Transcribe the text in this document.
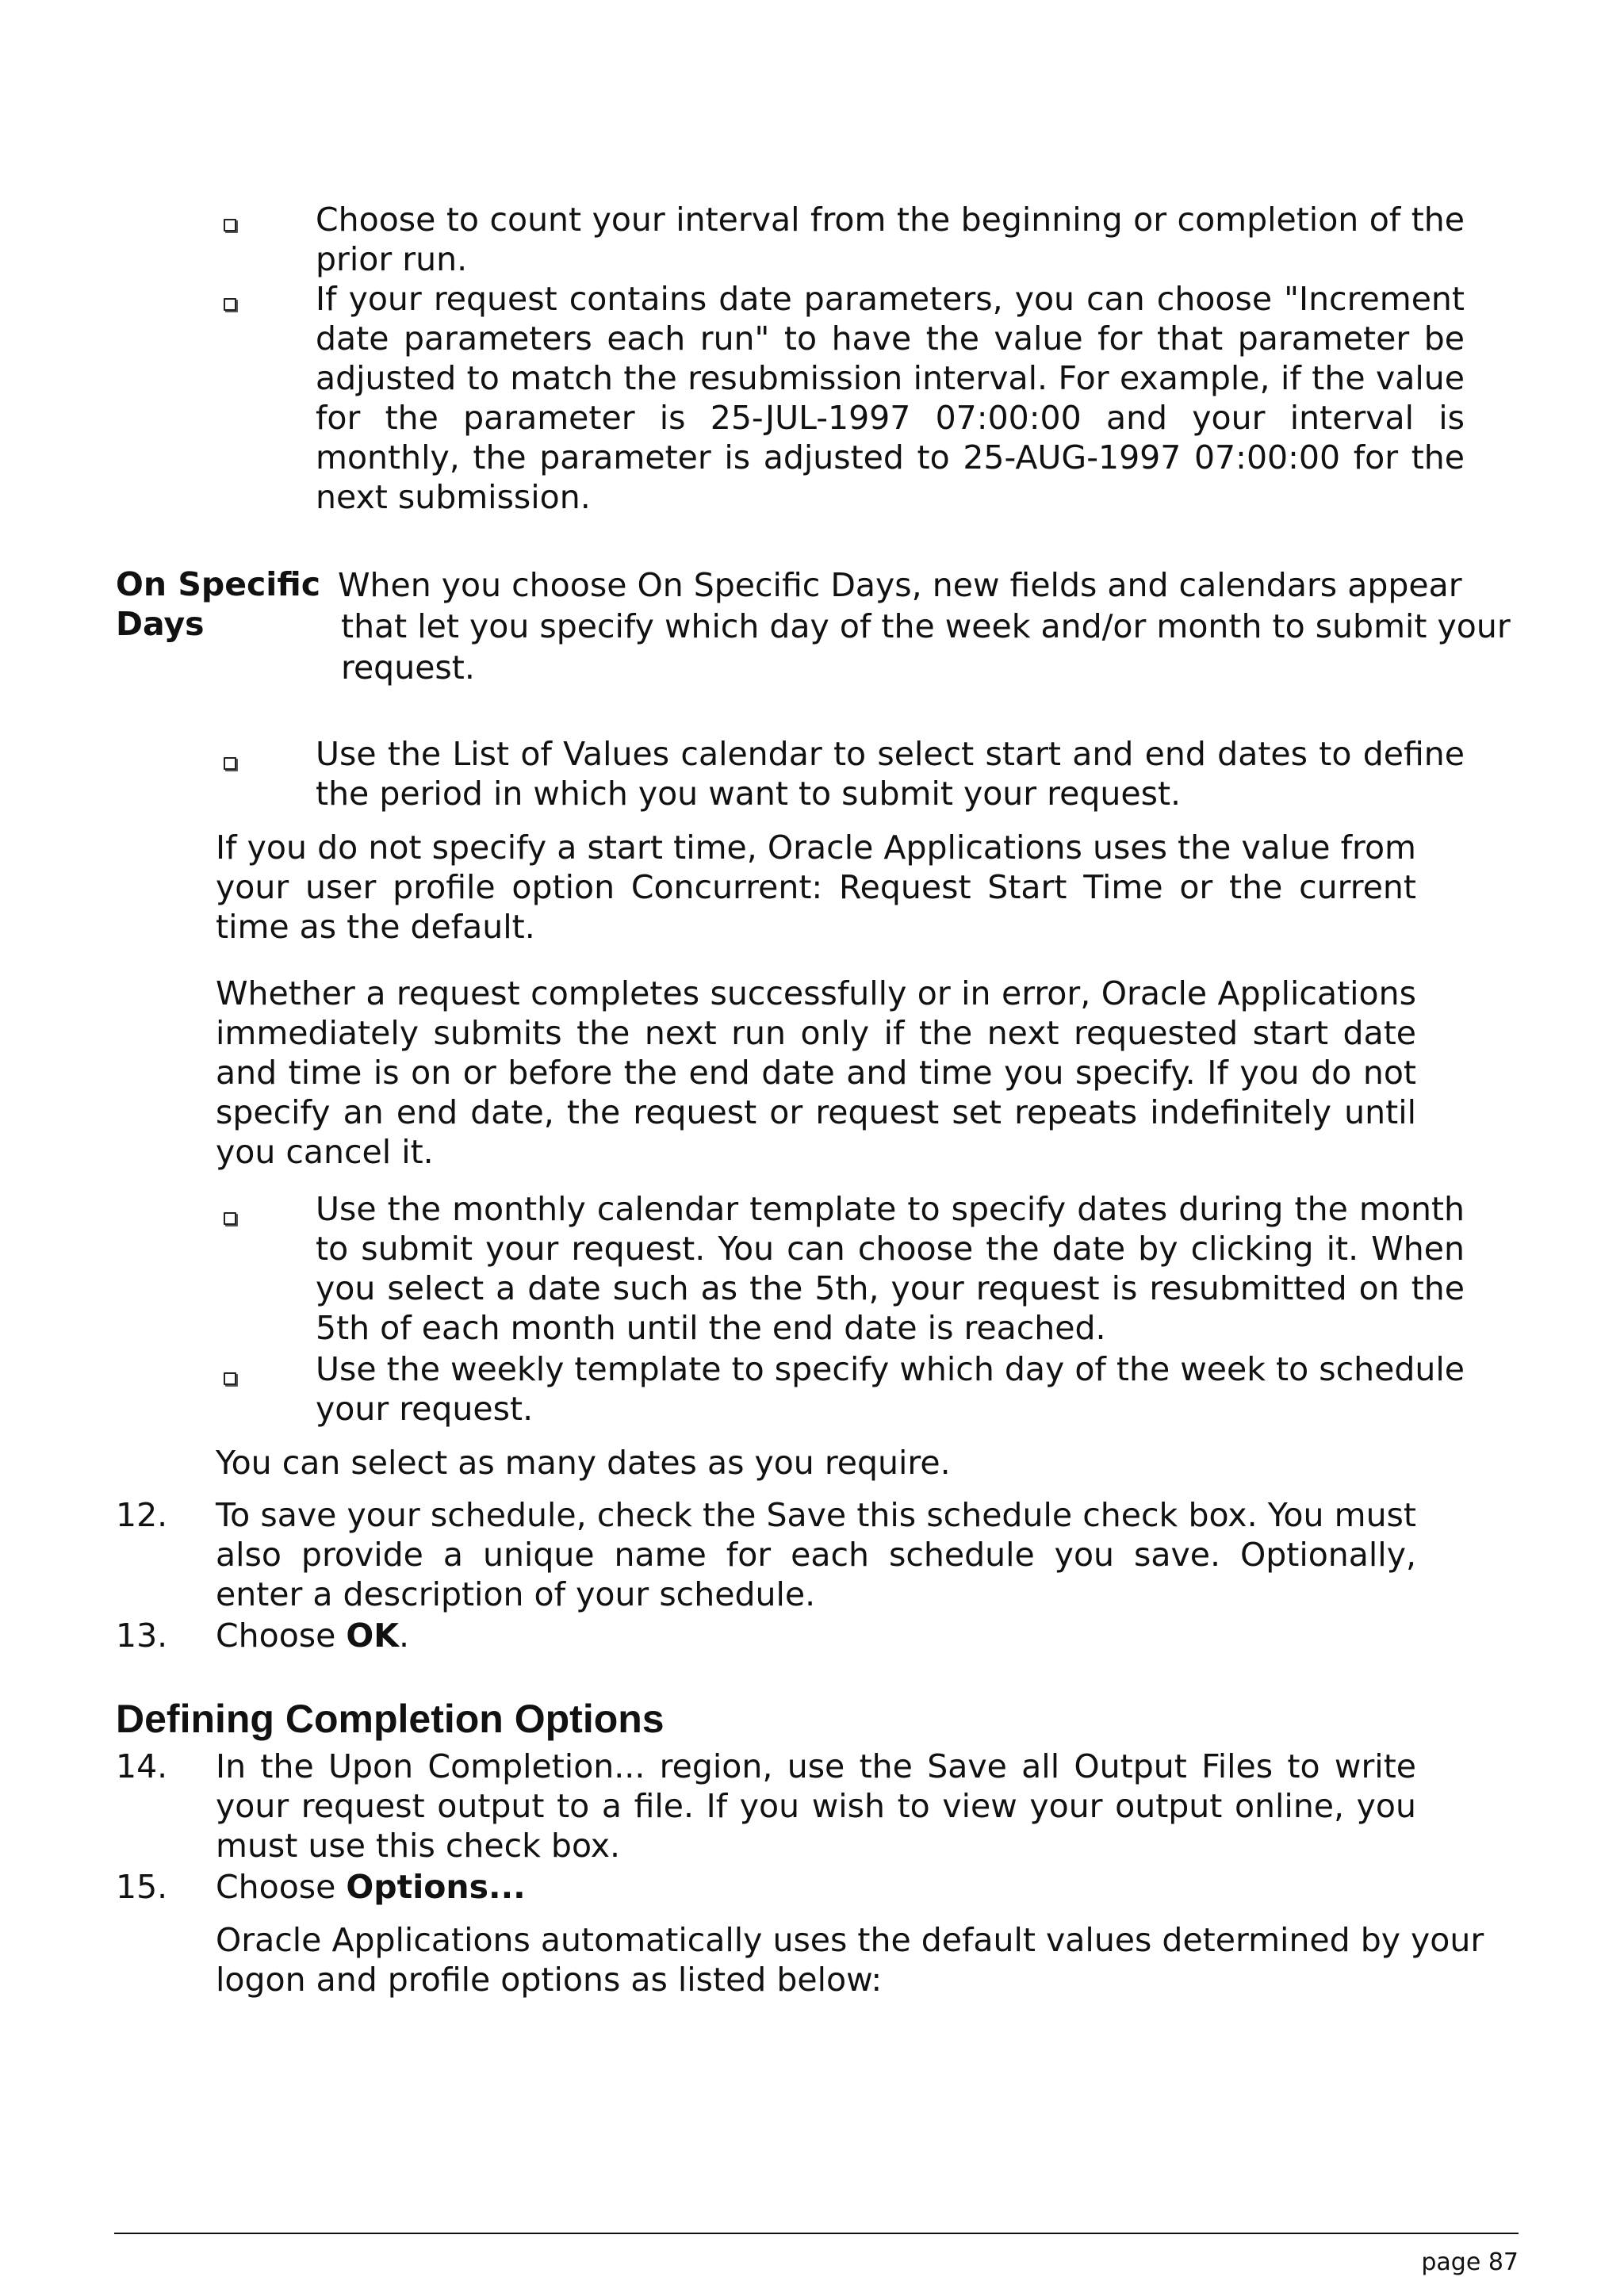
Choose to count your interval from the beginning or completion of the prior run.
If your request contains date parameters, you can choose "Increment date parameters each run" to have the value for that parameter be adjusted to match the resubmission interval. For example, if the value for the parameter is 25-JUL-1997 07:00:00 and your interval is monthly, the parameter is adjusted to 25-AUG-1997 07:00:00 for the next submission.
On Specific
Days
When you choose On Specific Days, new fields and calendars appear that let you specify which day of the week and/or month to submit your request.
Use the List of Values calendar to select start and end dates to define the period in which you want to submit your request.
If you do not specify a start time, Oracle Applications uses the value from your user profile option Concurrent: Request Start Time or the current time as the default.
Whether a request completes successfully or in error, Oracle Applications immediately submits the next run only if the next requested start date and time is on or before the end date and time you specify. If you do not specify an end date, the request or request set repeats indefinitely until you cancel it.
Use the monthly calendar template to specify dates during the month to submit your request. You can choose the date by clicking it. When you select a date such as the 5th, your request is resubmitted on the 5th of each month until the end date is reached.
Use the weekly template to specify which day of the week to schedule your request.
You can select as many dates as you require.
12.	To save your schedule, check the Save this schedule check box. You must also provide a unique name for each schedule you save. Optionally, enter a description of your schedule.
13.	Choose OK.
Defining Completion Options
14.	In the Upon Completion... region, use the Save all Output Files to write your request output to a file. If you wish to view your output online, you must use this check box.
15.	Choose Options...
Oracle Applications automatically uses the default values determined by your logon and profile options as listed below:
page 87
